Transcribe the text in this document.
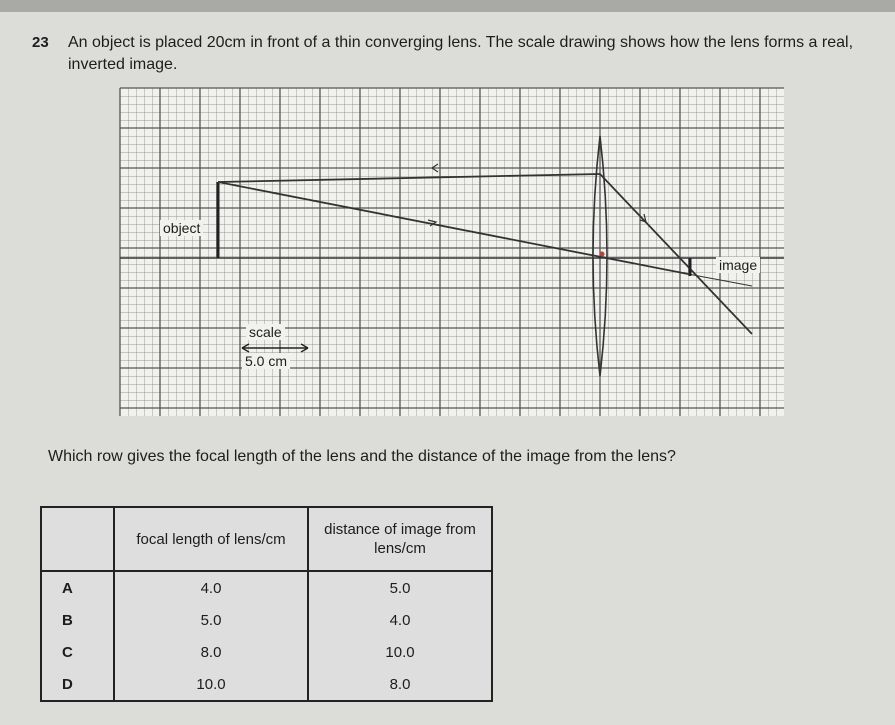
23 An object is placed 20cm in front of a thin converging lens. The scale drawing shows how the lens forms a real, inverted image.
object
image
scale
5.0 cm
Which row gives the focal length of the lens and the distance of the image from the lens?
	focal length of lens/cm	distance of image from lens/cm
A	4.0	5.0
B	5.0	4.0
C	8.0	10.0
D	10.0	8.0
